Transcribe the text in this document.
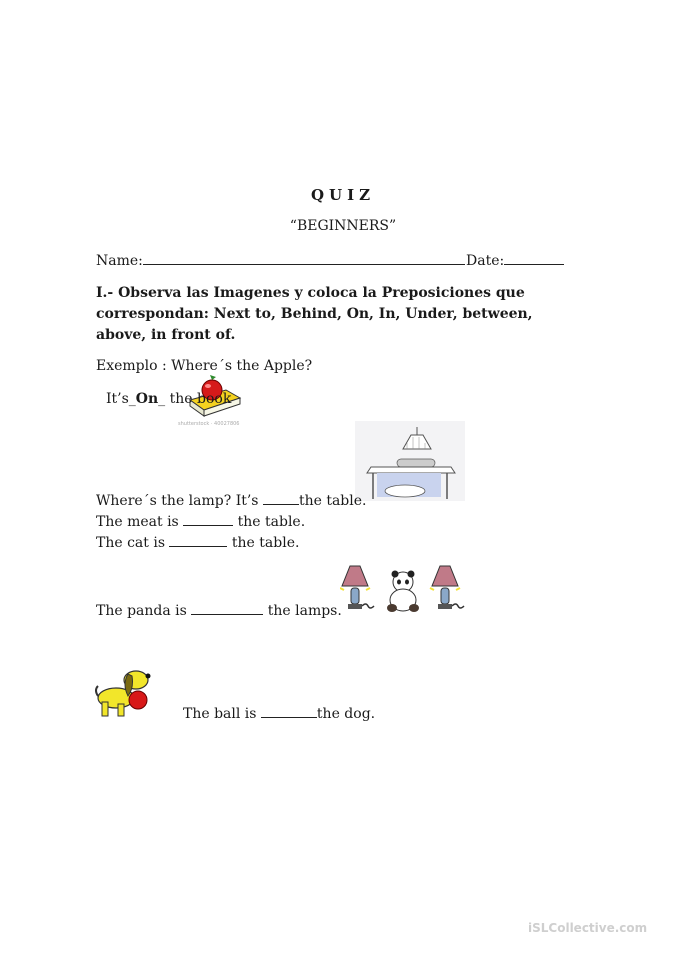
QUIZ
“BEGINNERS”
Name:	Date:
I.- Observa las Imagenes y coloca la Preposiciones que correspondan: Next to, Behind, On, In, Under, between, above, in front of.
Exemplo : Where´s the Apple?
It’s_On_ the book
shutterstock · 40027806
Where´s the lamp? It’s	the table.
The meat is	the table.
The cat is	the table.
The panda is	the lamps.
The ball is	the dog.
iSLCollective.com
